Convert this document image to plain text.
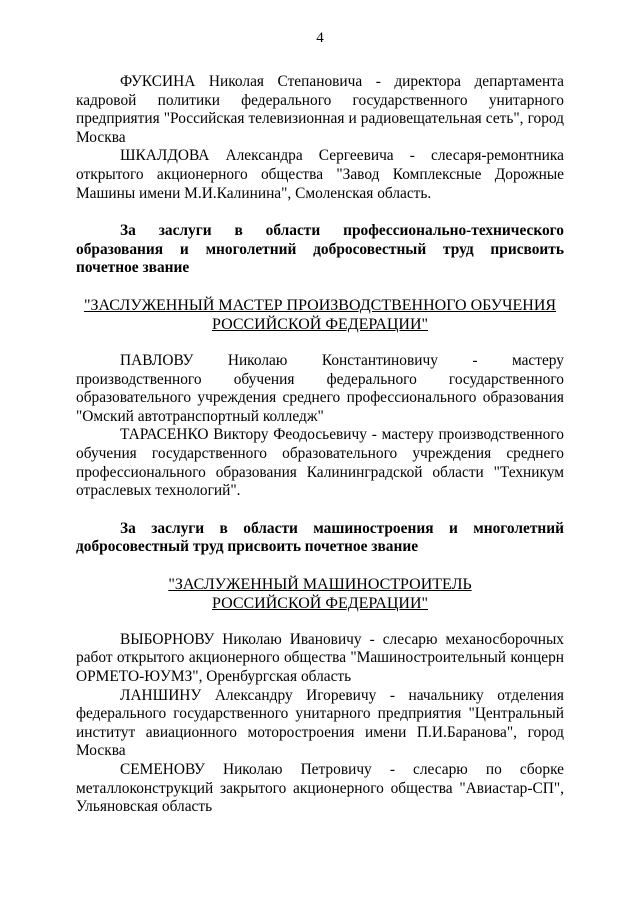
4

ФУКСИНА Николая Степановича - директора департамента кадровой политики федерального государственного унитарного предприятия "Российская телевизионная и радиовещательная сеть", город Москва

ШКАЛДОВА Александра Сергеевича - слесаря-ремонтника открытого акционерного общества "Завод Комплексные Дорожные Машины имени М.И.Калинина", Смоленская область.

За заслуги в области профессионально-технического образования и многолетний добросовестный труд присвоить почетное звание

"ЗАСЛУЖЕННЫЙ МАСТЕР ПРОИЗВОДСТВЕННОГО ОБУЧЕНИЯ
РОССИЙСКОЙ ФЕДЕРАЦИИ"

ПАВЛОВУ Николаю Константиновичу - мастеру производственного обучения федерального государственного образовательного учреждения среднего профессионального образования "Омский автотранспортный колледж"

ТАРАСЕНКО Виктору Феодосьевичу - мастеру производственного обучения государственного образовательного учреждения среднего профессионального образования Калининградской области "Техникум отраслевых технологий".

За заслуги в области машиностроения и многолетний добросовестный труд присвоить почетное звание

"ЗАСЛУЖЕННЫЙ МАШИНОСТРОИТЕЛЬ
РОССИЙСКОЙ ФЕДЕРАЦИИ"

ВЫБОРНОВУ Николаю Ивановичу - слесарю механосборочных работ открытого акционерного общества "Машиностроительный концерн ОРМЕТО-ЮУМЗ", Оренбургская область

ЛАНШИНУ Александру Игоревичу - начальнику отделения федерального государственного унитарного предприятия "Центральный институт авиационного моторостроения имени П.И.Баранова", город Москва

СЕМЕНОВУ Николаю Петровичу - слесарю по сборке металлоконструкций закрытого акционерного общества "Авиастар-СП", Ульяновская область
